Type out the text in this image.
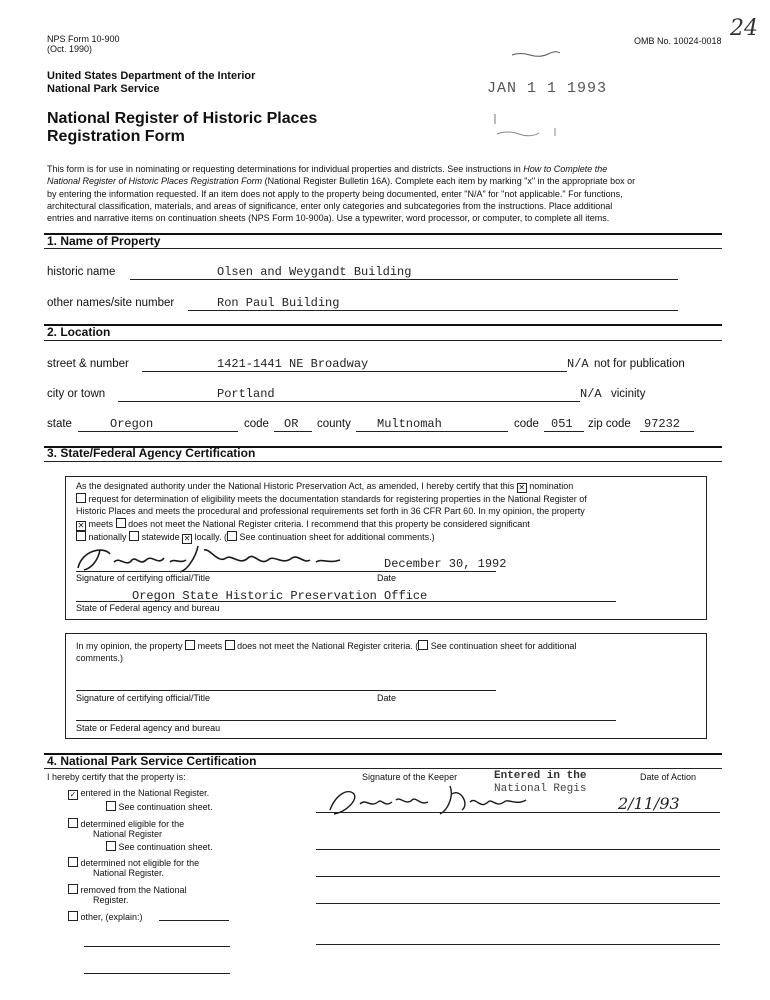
NPS Form 10-900
(Oct. 1990)
OMB No. 10024-0018 24
JAN 1 1 1993
United States Department of the Interior
National Park Service
National Register of Historic Places
Registration Form
This form is for use in nominating or requesting determinations for individual properties and districts. See instructions in How to Complete the
National Register of Historic Places Registration Form (National Register Bulletin 16A). Complete each item by marking "x" in the appropriate box or
by entering the information requested. If an item does not apply to the property being documented, enter "N/A" for "not applicable." For functions,
architectural classification, materials, and areas of significance, enter only categories and subcategories from the instructions. Place additional
entries and narrative items on continuation sheets (NPS Form 10-900a). Use a typewriter, word processor, or computer, to complete all items.
1. Name of Property
historic name	Olsen and Weygandt Building
other names/site number	Ron Paul Building
2. Location
street & number	1421-1441 NE Broadway	N/A not for publication
city or town	Portland	N/A vicinity
state	Oregon	code OR county Multnomah	code 051 zip code 97232
3. State/Federal Agency Certification
As the designated authority under the National Historic Preservation Act, as amended, I hereby certify that this ✕ nomination
request for determination of eligibility meets the documentation standards for registering properties in the National Register of
Historic Places and meets the procedural and professional requirements set forth in 36 CFR Part 60. In my opinion, the property
✕ meets does not meet the National Register criteria. I recommend that this property be considered significant
nationally statewide ✕ locally. ( See continuation sheet for additional comments.)
December 30, 1992
Signature of certifying official/Title	Date
Oregon State Historic Preservation Office
State of Federal agency and bureau
In my opinion, the property meets does not meet the National Register criteria. ( See continuation sheet for additional
comments.)
Signature of certifying official/Title	Date
State or Federal agency and bureau
4. National Park Service Certification
I hereby certify that the property is:	Signature of the Keeper	Date of Action
Entered in the
National Regis
2/11/93
✓ entered in the National Register.
See continuation sheet.
determined eligible for the
National Register
See continuation sheet.
determined not eligible for the
National Register.
removed from the National
Register.
other, (explain:)
